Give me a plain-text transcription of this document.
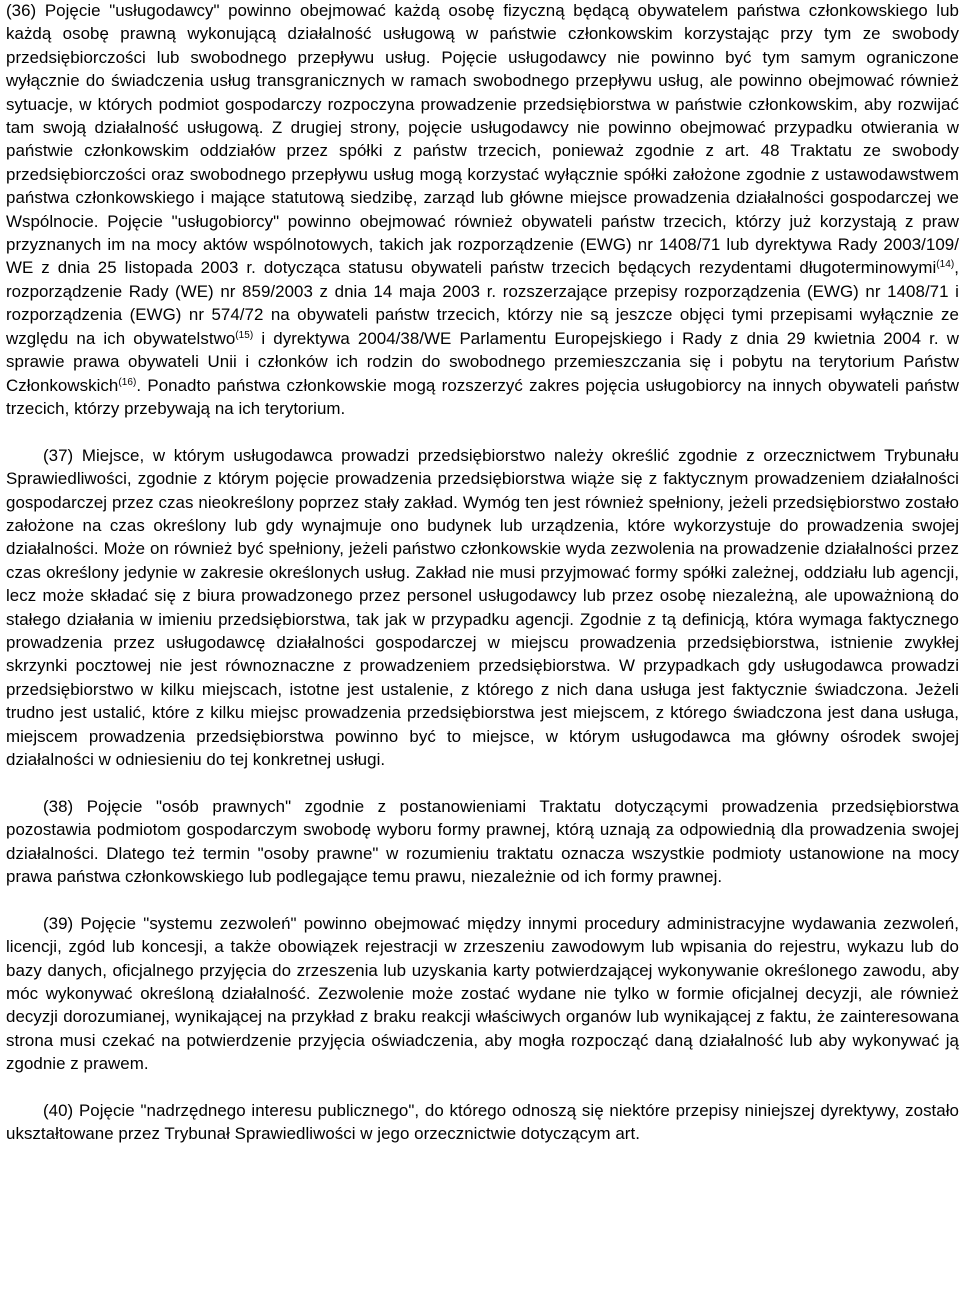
(36) Pojęcie "usługodawcy" powinno obejmować każdą osobę fizyczną będącą obywatelem państwa członkowskiego lub każdą osobę prawną wykonującą działalność usługową w państwie członkowskim korzystając przy tym ze swobody przedsiębiorczości lub swobodnego przepływu usług. Pojęcie usługodawcy nie powinno być tym samym ograniczone wyłącznie do świadczenia usług transgranicznych w ramach swobodnego przepływu usług, ale powinno obejmować również sytuacje, w których podmiot gospodarczy rozpoczyna prowadzenie przedsiębiorstwa w państwie członkowskim, aby rozwijać tam swoją działalność usługową. Z drugiej strony, pojęcie usługodawcy nie powinno obejmować przypadku otwierania w państwie członkowskim oddziałów przez spółki z państw trzecich, ponieważ zgodnie z art. 48 Traktatu ze swobody przedsiębiorczości oraz swobodnego przepływu usług mogą korzystać wyłącznie spółki założone zgodnie z ustawodawstwem państwa członkowskiego i mające statutową siedzibę, zarząd lub główne miejsce prowadzenia działalności gospodarczej we Wspólnocie. Pojęcie "usługobiorcy" powinno obejmować również obywateli państw trzecich, którzy już korzystają z praw przyznanych im na mocy aktów wspólnotowych, takich jak rozporządzenie (EWG) nr 1408/71 lub dyrektywa Rady 2003/109/ WE z dnia 25 listopada 2003 r. dotycząca statusu obywateli państw trzecich będących rezydentami długoterminowymi$^{(14)}$, rozporządzenie Rady (WE) nr 859/2003 z dnia 14 maja 2003 r. rozszerzające przepisy rozporządzenia (EWG) nr 1408/71 i rozporządzenia (EWG) nr 574/72 na obywateli państw trzecich, którzy nie są jeszcze objęci tymi przepisami wyłącznie ze względu na ich obywatelstwo$^{(15)}$ i dyrektywa 2004/38/WE Parlamentu Europejskiego i Rady z dnia 29 kwietnia 2004 r. w sprawie prawa obywateli Unii i członków ich rodzin do swobodnego przemieszczania się i pobytu na terytorium Państw Członkowskich$^{(16)}$. Ponadto państwa członkowskie mogą rozszerzyć zakres pojęcia usługobiorcy na innych obywateli państw trzecich, którzy przebywają na ich terytorium.

(37) Miejsce, w którym usługodawca prowadzi przedsiębiorstwo należy określić zgodnie z orzecznictwem Trybunału Sprawiedliwości, zgodnie z którym pojęcie prowadzenia przedsiębiorstwa wiąże się z faktycznym prowadzeniem działalności gospodarczej przez czas nieokreślony poprzez stały zakład. Wymóg ten jest również spełniony, jeżeli przedsiębiorstwo zostało założone na czas określony lub gdy wynajmuje ono budynek lub urządzenia, które wykorzystuje do prowadzenia swojej działalności. Może on również być spełniony, jeżeli państwo członkowskie wyda zezwolenia na prowadzenie działalności przez czas określony jedynie w zakresie określonych usług. Zakład nie musi przyjmować formy spółki zależnej, oddziału lub agencji, lecz może składać się z biura prowadzonego przez personel usługodawcy lub przez osobę niezależną, ale upoważnioną do stałego działania w imieniu przedsiębiorstwa, tak jak w przypadku agencji. Zgodnie z tą definicją, która wymaga faktycznego prowadzenia przez usługodawcę działalności gospodarczej w miejscu prowadzenia przedsiębiorstwa, istnienie zwykłej skrzynki pocztowej nie jest równoznaczne z prowadzeniem przedsiębiorstwa. W przypadkach gdy usługodawca prowadzi przedsiębiorstwo w kilku miejscach, istotne jest ustalenie, z którego z nich dana usługa jest faktycznie świadczona. Jeżeli trudno jest ustalić, które z kilku miejsc prowadzenia przedsiębiorstwa jest miejscem, z którego świadczona jest dana usługa, miejscem prowadzenia przedsiębiorstwa powinno być to miejsce, w którym usługodawca ma główny ośrodek swojej działalności w odniesieniu do tej konkretnej usługi.

(38) Pojęcie "osób prawnych" zgodnie z postanowieniami Traktatu dotyczącymi prowadzenia przedsiębiorstwa pozostawia podmiotom gospodarczym swobodę wyboru formy prawnej, którą uznają za odpowiednią dla prowadzenia swojej działalności. Dlatego też termin "osoby prawne" w rozumieniu traktatu oznacza wszystkie podmioty ustanowione na mocy prawa państwa członkowskiego lub podlegające temu prawu, niezależnie od ich formy prawnej.

(39) Pojęcie "systemu zezwoleń" powinno obejmować między innymi procedury administracyjne wydawania zezwoleń, licencji, zgód lub koncesji, a także obowiązek rejestracji w zrzeszeniu zawodowym lub wpisania do rejestru, wykazu lub do bazy danych, oficjalnego przyjęcia do zrzeszenia lub uzyskania karty potwierdzającej wykonywanie określonego zawodu, aby móc wykonywać określoną działalność. Zezwolenie może zostać wydane nie tylko w formie oficjalnej decyzji, ale również decyzji dorozumianej, wynikającej na przykład z braku reakcji właściwych organów lub wynikającej z faktu, że zainteresowana strona musi czekać na potwierdzenie przyjęcia oświadczenia, aby mogła rozpocząć daną działalność lub aby wykonywać ją zgodnie z prawem.

(40) Pojęcie "nadrzędnego interesu publicznego", do którego odnoszą się niektóre przepisy niniejszej dyrektywy, zostało ukształtowane przez Trybunał Sprawiedliwości w jego orzecznictwie dotyczącym art.
